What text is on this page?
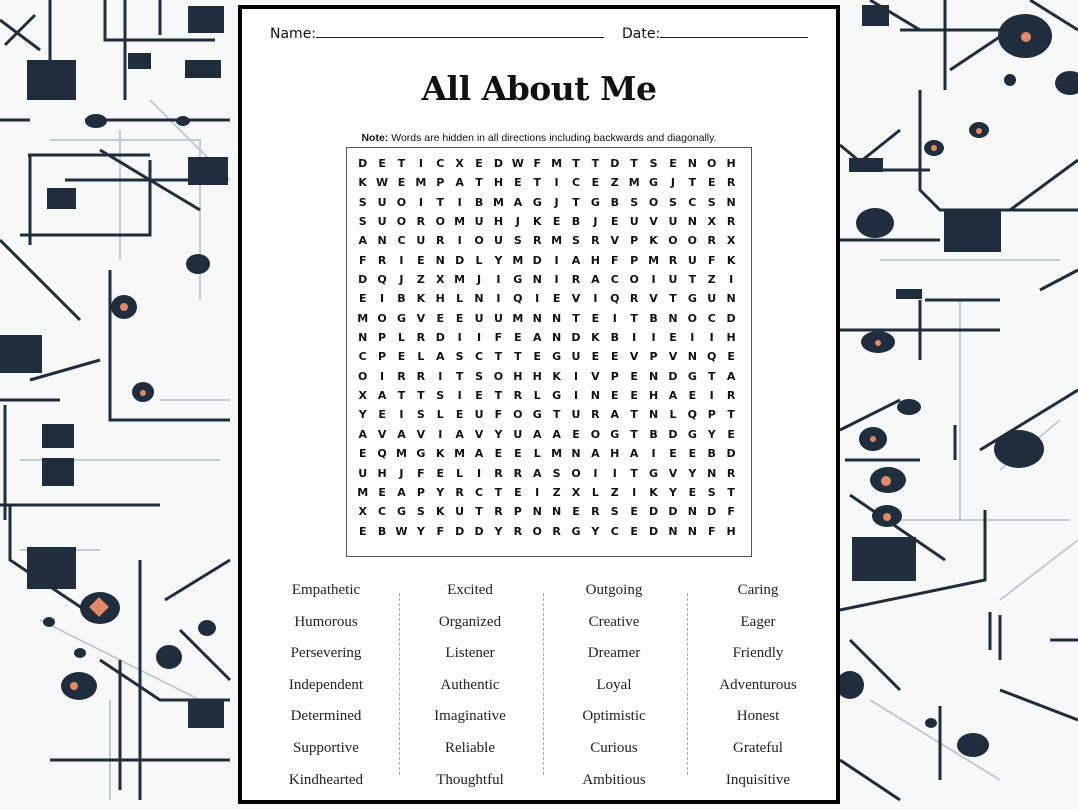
Name:	Date:
All About Me
Note: Words are hidden in all directions including backwards and diagonally.
D	E	T	I	C	X	E	D W F M T	T	D	T	S	E	N O H
K W E M P	A	T	H	E	T	I	C	E	Z M G	J	T	E	R
S U O	I	T	I	B M A G	J	T	G B	S O S	C	S N
S U O R O M U H	J	K	E	B	J	E	U V U N X R
A N C U R	I	O U S	R M S	R V	P	K O O R X
F	R	I	E	N D	L	Y M D	I	A H	F	P M R U	F	K
D Q	J	Z	X M	J	I	G N	I	R A	C O	I	U	T	Z	I
E	I	B K H	L	N	I	Q	I	E	V	I	Q R V	T	G U N
M O G V	E	E	U U M N N	T	E	I	T	B N O C D
N P	L	R D	I	I	F	E	A N D K B	I	I	E	I	I	H
C	P	E	L	A	S	C	T	T	E	G U	E	E	V	P	V N Q E
O	I	R R	I	T	S O H H K	I	V	P	E	N D G	T	A
X A	T	T	S	I	E	T	R	L	G	I	N	E	E	H A	E	I	R
Y	E	I	S	L	E	U	F O G	T	U R A	T	N	L	Q P	T
A V A V	I	A V	Y U A A	E O G	T	B D G Y	E
E Q M G K M A	E	E	L M N A H A	I	E	E	B D
U H	J	F	E	L	I	R R A	S O	I	I	T	G V	Y N R
M E	A	P	Y	R	C	T	E	I	Z	X	L	Z	I	K	Y	E	S	T
X	C G S	K U	T	R	P N N	E	R	S	E	D D N D	F
E	B W Y	F	D D Y	R O R G Y	C	E	D N N	F	H
Empathetic
Humorous
Persevering
Independent
Determined
Supportive
Kindhearted
Excited
Organized
Listener
Authentic
Imaginative
Reliable
Thoughtful
Outgoing
Creative
Dreamer
Loyal
Optimistic
Curious
Ambitious
Caring
Eager
Friendly
Adventurous
Honest
Grateful
Inquisitive
